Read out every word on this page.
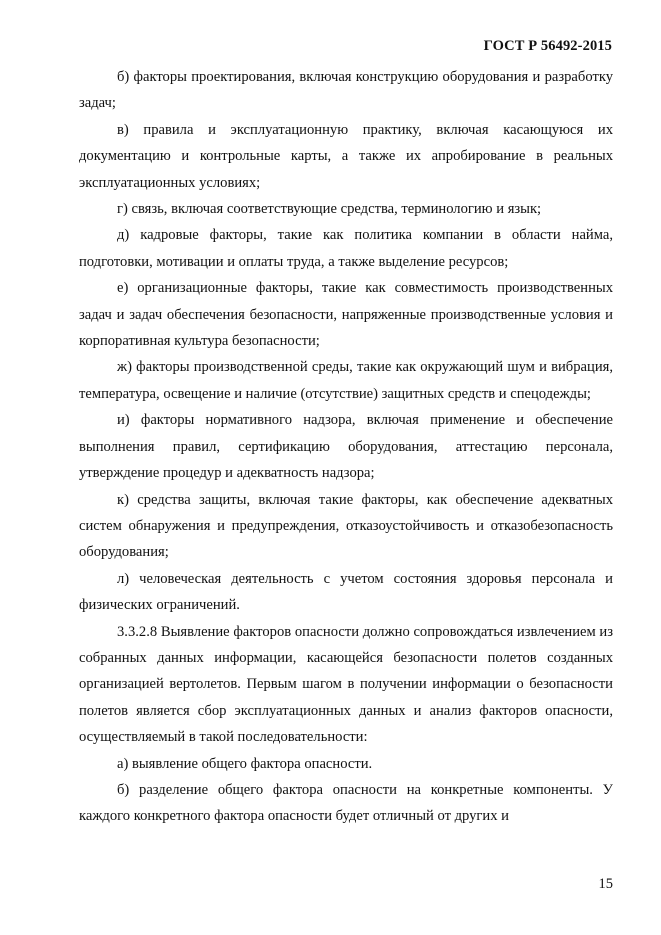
ГОСТ Р 56492-2015

б) факторы проектирования, включая конструкцию оборудования и разработку задач;

в) правила и эксплуатационную практику, включая касающуюся их документацию и контрольные карты, а также их апробирование в реальных эксплуатационных условиях;

г) связь, включая соответствующие средства, терминологию и язык;

д) кадровые факторы, такие как политика компании в области найма, подготовки, мотивации и оплаты труда, а также выделение ресурсов;

е) организационные факторы, такие как совместимость производственных задач и задач обеспечения безопасности, напряженные производственные условия и корпоративная культура безопасности;

ж) факторы производственной среды, такие как окружающий шум и вибрация, температура, освещение и наличие (отсутствие) защитных средств и спецодежды;

и) факторы нормативного надзора, включая применение и обеспечение выполнения правил, сертификацию оборудования, аттестацию персонала, утверждение процедур и адекватность надзора;

к) средства защиты, включая такие факторы, как обеспечение адекватных систем обнаружения и предупреждения, отказоустойчивость и отказобезопасность оборудования;

л) человеческая деятельность с учетом состояния здоровья персонала и физических ограничений.

3.3.2.8 Выявление факторов опасности должно сопровождаться извлечением из собранных данных информации, касающейся безопасности полетов созданных организацией вертолетов. Первым шагом в получении информации о безопасности полетов является сбор эксплуатационных данных и анализ факторов опасности, осуществляемый в такой последовательности:

а) выявление общего фактора опасности.

б) разделение общего фактора опасности на конкретные компоненты. У каждого конкретного фактора опасности будет отличный от других и

15
